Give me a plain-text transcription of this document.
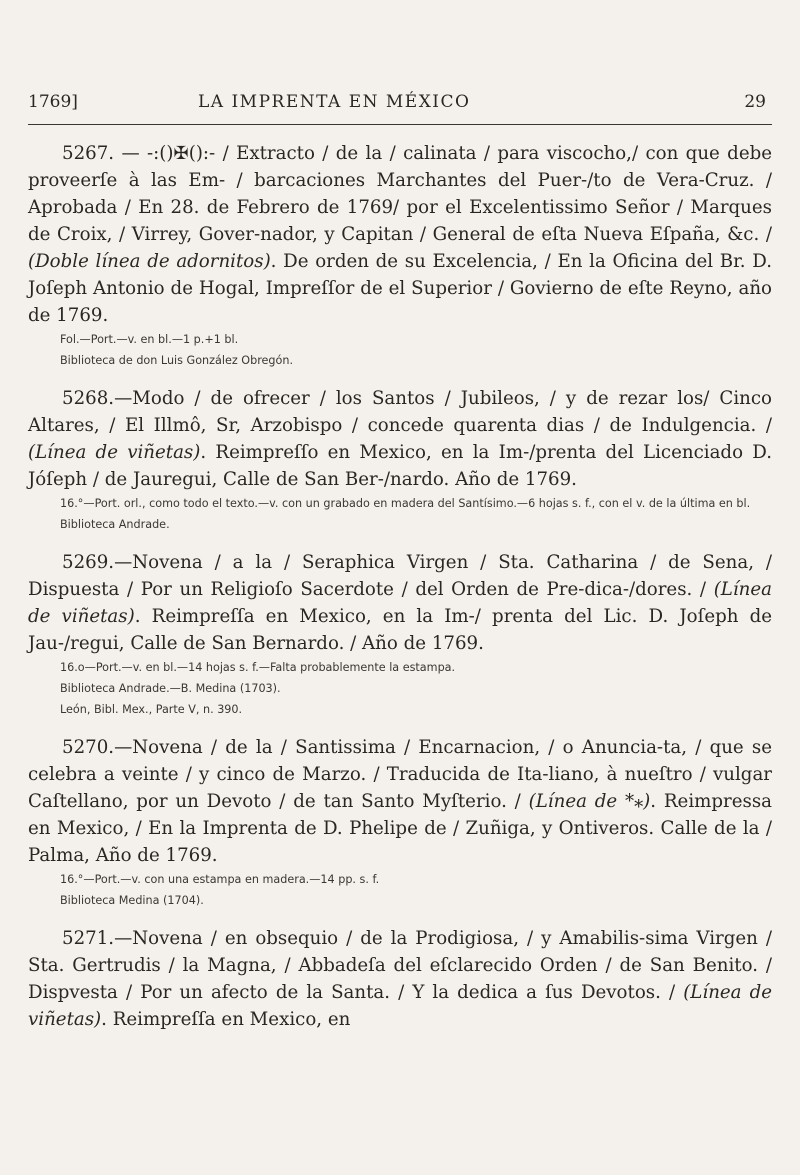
1769]	LA IMPRENTA EN MÉXICO	29

5267. — -:()✠():- / Extracto / de la / calinata / para viscocho,/ con que debe proveerſe à las Em- / barcaciones Marchantes del Puer-/to de Vera-Cruz. / Aprobada / En 28. de Febrero de 1769/ por el Excelentissimo Señor / Marques de Croix, / Virrey, Gover-nador, y Capitan / General de eſta Nueva Eſpaña, &c. / (Doble línea de adornitos). De orden de su Excelencia, / En la Oficina del Br. D. Joſeph Antonio de Hogal, Impreſſor de el Superior / Govierno de eſte Reyno, año de 1769.

Fol.—Port.—v. en bl.—1 p.+1 bl.

Biblioteca de don Luis González Obregón.

5268.—Modo / de ofrecer / los Santos / Jubileos, / y de rezar los/ Cinco Altares, / El Illmô, Sr, Arzobispo / concede quarenta dias / de Indulgencia. / (Línea de viñetas). Reimpreſſo en Mexico, en la Im-/prenta del Licenciado D. Jóſeph / de Jauregui, Calle de San Ber-/nardo. Año de 1769.

16.°—Port. orl., como todo el texto.—v. con un grabado en madera del Santísimo.—6 hojas s. f., con el v. de la última en bl.

Biblioteca Andrade.

5269.—Novena / a la / Seraphica Virgen / Sta. Catharina / de Sena, / Dispuesta / Por un Religioſo Sacerdote / del Orden de Pre-dica-/dores. / (Línea de viñetas). Reimpreſſa en Mexico, en la Im-/ prenta del Lic. D. Joſeph de Jau-/regui, Calle de San Bernardo. / Año de 1769.

16.o—Port.—v. en bl.—14 hojas s. f.—Falta probablemente la estampa.

Biblioteca Andrade.—B. Medina (1703).

León, Bibl. Mex., Parte V, n. 390.

5270.—Novena / de la / Santissima / Encarnacion, / o Anuncia-ta, / que se celebra a veinte / y cinco de Marzo. / Traducida de Ita-liano, à nueſtro / vulgar Caſtellano, por un Devoto / de tan Santo Myſterio. / (Línea de *⁎). Reimpressa en Mexico, / En la Imprenta de D. Phelipe de / Zuñiga, y Ontiveros. Calle de la / Palma, Año de 1769.

16.°—Port.—v. con una estampa en madera.—14 pp. s. f.

Biblioteca Medina (1704).

5271.—Novena / en obsequio / de la Prodigiosa, / y Amabilis-sima Virgen / Sta. Gertrudis / la Magna, / Abbadeſa del eſclarecido Orden / de San Benito. / Dispvesta / Por un afecto de la Santa. / Y la dedica a ſus Devotos. / (Línea de viñetas). Reimpreſſa en Mexico, en
